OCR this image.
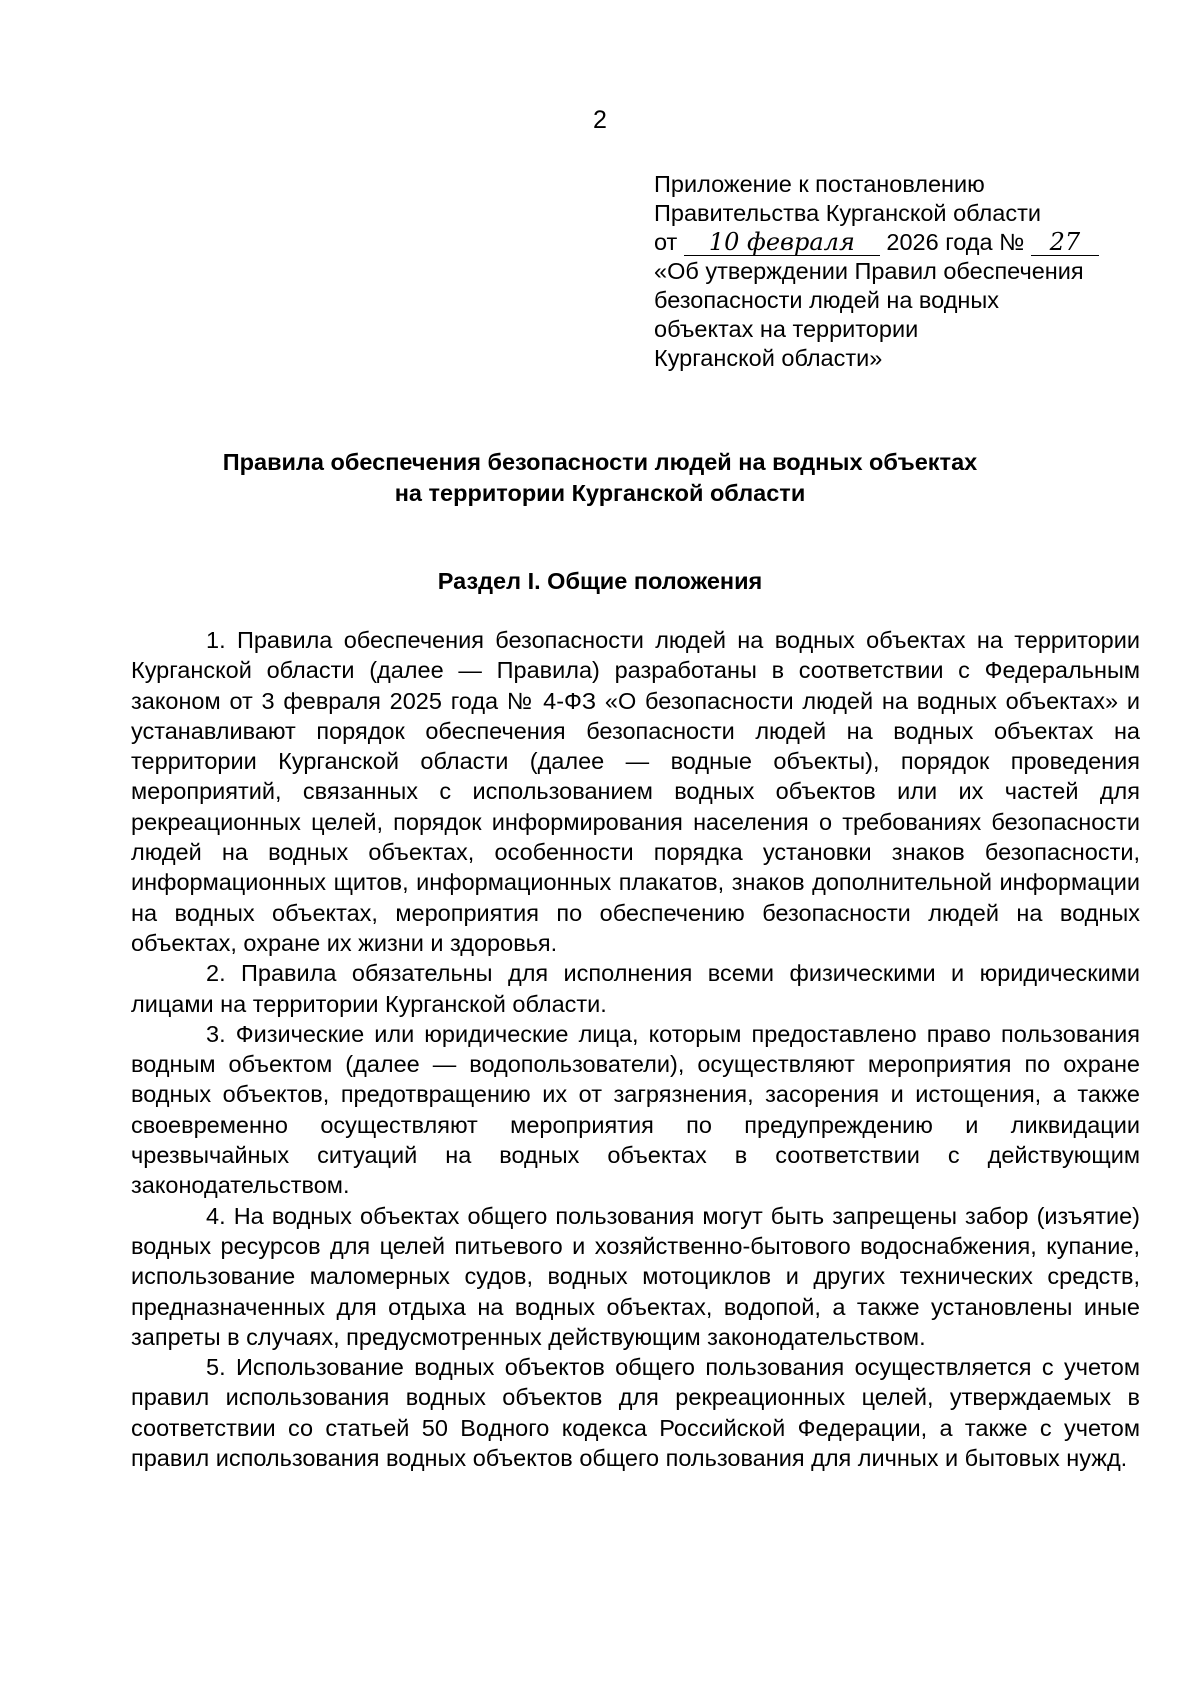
2
Приложение к постановлению
Правительства Курганской области
от 10 февраля 2026 года № 27
«Об утверждении Правил обеспечения
безопасности людей на водных
объектах на территории
Курганской области»
Правила обеспечения безопасности людей на водных объектах
на территории Курганской области
Раздел I. Общие положения

1. Правила обеспечения безопасности людей на водных объектах на территории Курганской области (далее — Правила) разработаны в соответствии с Федеральным законом от 3 февраля 2025 года № 4-ФЗ «О безопасности людей на водных объектах» и устанавливают порядок обеспечения безопасности людей на водных объектах на территории Курганской области (далее — водные объекты), порядок проведения мероприятий, связанных с использованием водных объектов или их частей для рекреационных целей, порядок информирования населения о требованиях безопасности людей на водных объектах, особенности порядка установки знаков безопасности, информационных щитов, информационных плакатов, знаков дополнительной информации на водных объектах, мероприятия по обеспечению безопасности людей на водных объектах, охране их жизни и здоровья.

2. Правила обязательны для исполнения всеми физическими и юридическими лицами на территории Курганской области.

3. Физические или юридические лица, которым предоставлено право пользования водным объектом (далее — водопользователи), осуществляют мероприятия по охране водных объектов, предотвращению их от загрязнения, засорения и истощения, а также своевременно осуществляют мероприятия по предупреждению и ликвидации чрезвычайных ситуаций на водных объектах в соответствии с действующим законодательством.

4. На водных объектах общего пользования могут быть запрещены забор (изъятие) водных ресурсов для целей питьевого и хозяйственно-бытового водоснабжения, купание, использование маломерных судов, водных мотоциклов и других технических средств, предназначенных для отдыха на водных объектах, водопой, а также установлены иные запреты в случаях, предусмотренных действующим законодательством.

5. Использование водных объектов общего пользования осуществляется с учетом правил использования водных объектов для рекреационных целей, утверждаемых в соответствии со статьей 50 Водного кодекса Российской Федерации, а также с учетом правил использования водных объектов общего пользования для личных и бытовых нужд.
